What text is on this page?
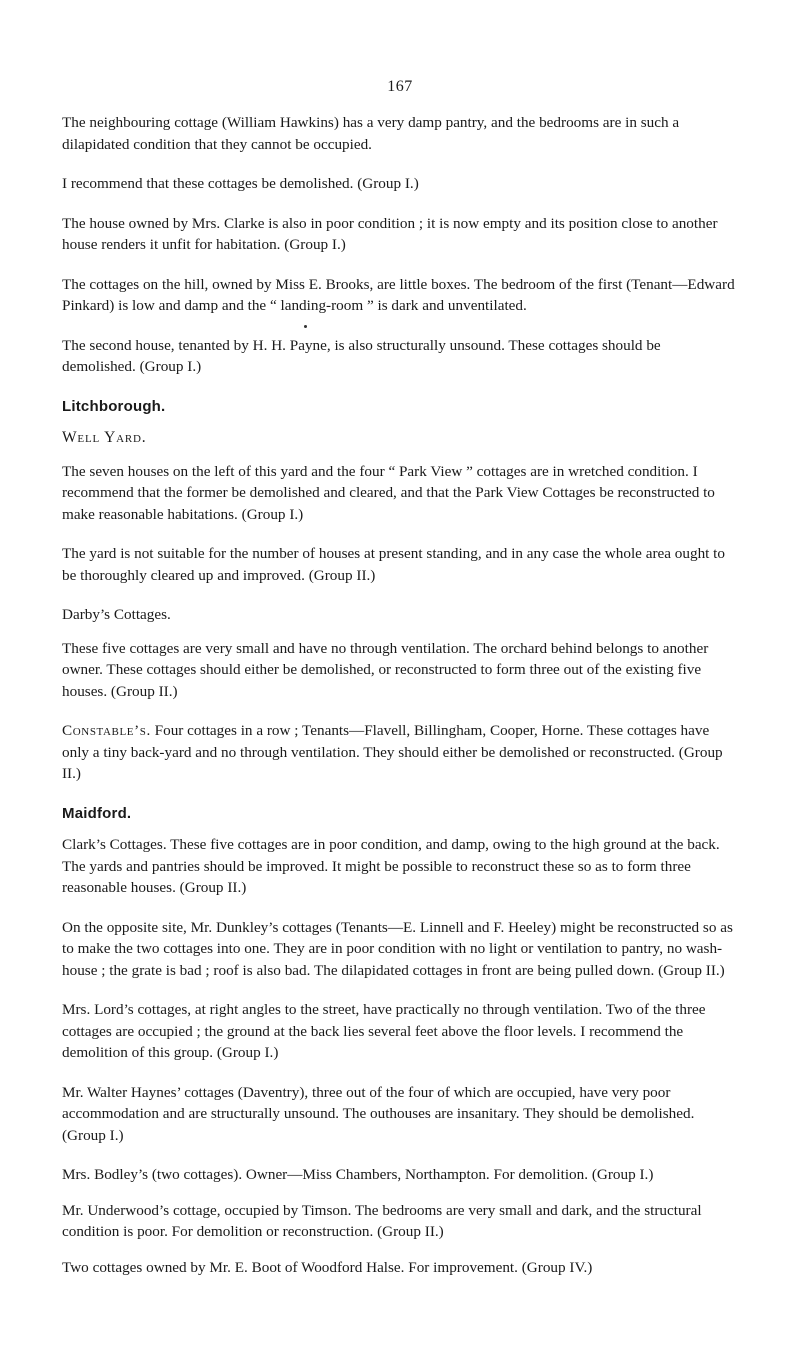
167

The neighbouring cottage (William Hawkins) has a very damp pantry, and the bedrooms are in such a dilapidated condition that they cannot be occupied.

I recommend that these cottages be demolished. (Group I.)

The house owned by Mrs. Clarke is also in poor condition ; it is now empty and its position close to another house renders it unfit for habitation. (Group I.)

The cottages on the hill, owned by Miss E. Brooks, are little boxes. The bedroom of the first (Tenant—Edward Pinkard) is low and damp and the “ landing-room ” is dark and unventilated.

The second house, tenanted by H. H. Payne, is also structurally unsound. These cottages should be demolished. (Group I.)

Litchborough.
Well Yard.

The seven houses on the left of this yard and the four “ Park View ” cottages are in wretched condition. I recommend that the former be demolished and cleared, and that the Park View Cottages be reconstructed to make reasonable habitations. (Group I.)

The yard is not suitable for the number of houses at present standing, and in any case the whole area ought to be thoroughly cleared up and improved. (Group II.)

Darby’s Cottages.

These five cottages are very small and have no through ventilation. The orchard behind belongs to another owner. These cottages should either be demolished, or reconstructed to form three out of the existing five houses. (Group II.)

Constable’s. Four cottages in a row ; Tenants—Flavell, Billingham, Cooper, Horne. These cottages have only a tiny back-yard and no through ventilation. They should either be demolished or reconstructed. (Group II.)

Maidford.

Clark’s Cottages. These five cottages are in poor condition, and damp, owing to the high ground at the back. The yards and pantries should be improved. It might be possible to reconstruct these so as to form three reasonable houses. (Group II.)

On the opposite site, Mr. Dunkley’s cottages (Tenants—E. Linnell and F. Heeley) might be reconstructed so as to make the two cottages into one. They are in poor condition with no light or ventilation to pantry, no wash-house ; the grate is bad ; roof is also bad. The dilapidated cottages in front are being pulled down. (Group II.)

Mrs. Lord’s cottages, at right angles to the street, have practically no through ventilation. Two of the three cottages are occupied ; the ground at the back lies several feet above the floor levels. I recommend the demolition of this group. (Group I.)

Mr. Walter Haynes’ cottages (Daventry), three out of the four of which are occupied, have very poor accommodation and are structurally unsound. The outhouses are insanitary. They should be demolished. (Group I.)

Mrs. Bodley’s (two cottages). Owner—Miss Chambers, Northampton. For demolition. (Group I.)

Mr. Underwood’s cottage, occupied by Timson. The bedrooms are very small and dark, and the structural condition is poor. For demolition or reconstruction. (Group II.)

Two cottages owned by Mr. E. Boot of Woodford Halse. For improvement. (Group IV.)
